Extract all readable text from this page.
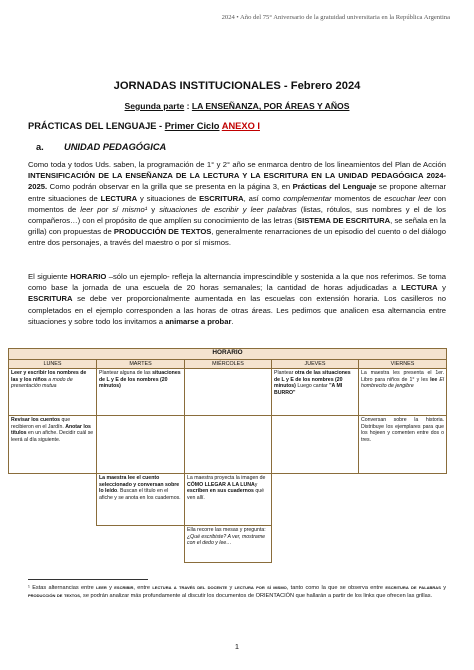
2024 • Año del 75° Aniversario de la gratuidad universitaria en la República Argentina
JORNADAS INSTITUCIONALES - Febrero 2024
Segunda parte : LA ENSEÑANZA, POR ÁREAS Y AÑOS
PRÁCTICAS DEL LENGUAJE - Primer Ciclo ANEXO I
a. UNIDAD PEDAGÓGICA
Como toda y todos Uds. saben, la programación de 1° y 2° año se enmarca dentro de los lineamientos del Plan de Acción INTENSIFICACIÓN DE LA ENSEÑANZA DE LA LECTURA Y LA ESCRITURA EN LA UNIDAD PEDAGÓGICA 2024-2025. Como podrán observar en la grilla que se presenta en la página 3, en Prácticas del Lenguaje se propone alternar entre situaciones de LECTURA y situaciones de ESCRITURA, así como complementar momentos de escuchar leer con momentos de leer por sí mismo¹ y situaciones de escribir y leer palabras (listas, rótulos, sus nombres y el de los compañeros…) con el propósito de que amplíen su conocimiento de las letras (SISTEMA DE ESCRITURA, se señala en la grilla) con propuestas de PRODUCCIÓN DE TEXTOS, generalmente renarraciones de un episodio del cuento o del diálogo entre dos personajes, a través del maestro o por sí mismos.
El siguiente HORARIO –sólo un ejemplo- refleja la alternancia imprescindible y sostenida a la que nos referimos. Se toma como base la jornada de una escuela de 20 horas semanales; la cantidad de horas adjudicadas a LECTURA y ESCRITURA se debe ver proporcionalmente aumentada en las escuelas con extensión horaria. Los casilleros no completados en el ejemplo corresponden a las horas de otras áreas. Les pedimos que analicen esa alternancia entre situaciones y sobre todo los invitamos a animarse a probar.
HORARIO				
LUNES	MARTES	MIÉRCOLES	JUEVES	VIERNES
Leer y escribir los nombres de las y los niños a modo de presentación mutua	Plantear alguna de las situaciones de L y E de los nombres (20 minutos)		Plantear otra de las situaciones de L y E de los nombres (20 minutos) Luego cantar "A MI BURRO"	La maestra les presenta el 1er. Libro para niños de 1° y les lee El hombrecito de jengibre
Revisar los cuentos que recibieron en el Jardín. Anotar los títulos en un afiche. Decidir cuál se leerá al día siguiente.				Conversan sobre la historia. Distribuye los ejemplares para que los hojeen y comenten entre dos o tres.
	La maestra lee el cuento seleccionado y conversan sobre lo leído. Buscan el título en el afiche y se anota en los cuadernos.	La maestra proyecta la imagen de CÓMO LLEGAR A LA LUNAy escriben en sus cuadernos qué ven allí.		
		Ella recorre las mesas y pregunta: ¿Qué escribiste? A ver, mostrame con el dedo y lee…		
¹ Estas alternancias entre leer y escribir, entre lectura a través del docente y lectura por sí mismo, tanto como la que se observa entre escritura de palabras y producción de textos, se podrán analizar más profundamente al discutir los documentos de ORIENTACIÓN que hallarán a partir de los links que ofrecen las grillas.
1
